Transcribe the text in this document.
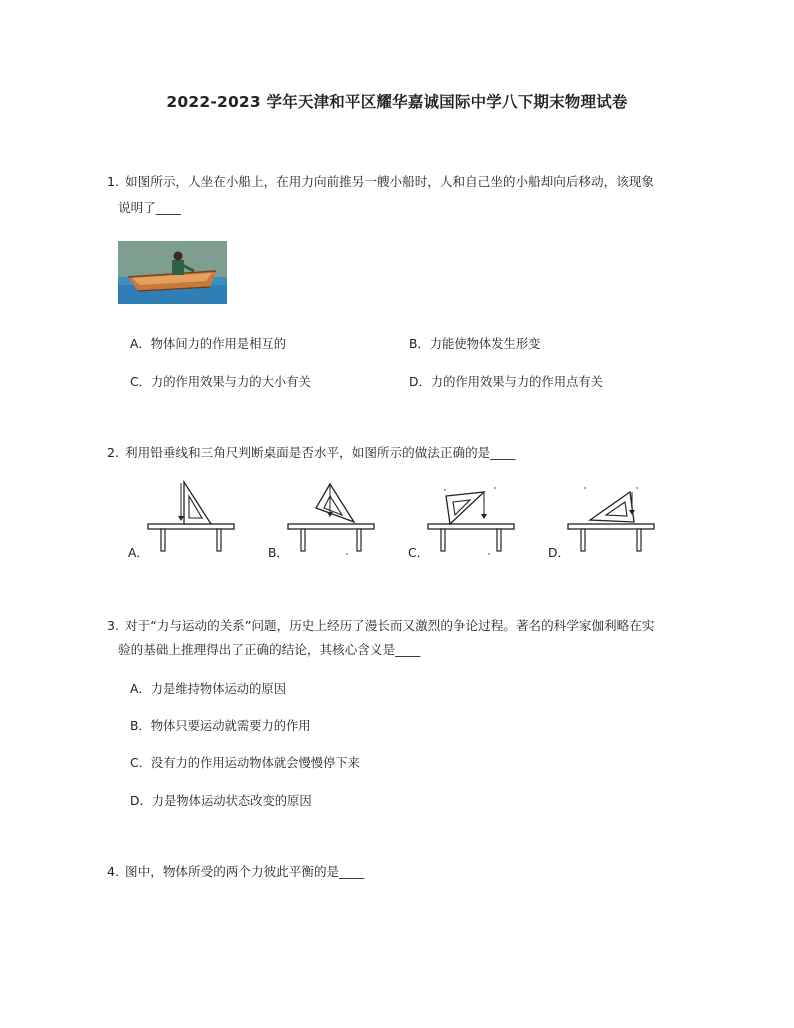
2022-2023 学年天津和平区耀华嘉诚国际中学八下期末物理试卷
1. 如图所示，人坐在小船上，在用力向前推另一艘小船时，人和自己坐的小船却向后移动，该现象
说明了____
A．物体间力的作用是相互的	B．力能使物体发生形变
C．力的作用效果与力的大小有关	D．力的作用效果与力的作用点有关
2. 利用铅垂线和三角尺判断桌面是否水平，如图所示的做法正确的是____
A．	B．	C．	D．
3. 对于“力与运动的关系”问题，历史上经历了漫长而又激烈的争论过程。著名的科学家伽利略在实
验的基础上推理得出了正确的结论，其核心含义是____
A．力是维持物体运动的原因
B．物体只要运动就需要力的作用
C．没有力的作用运动物体就会慢慢停下来
D．力是物体运动状态改变的原因
4. 图中，物体所受的两个力彼此平衡的是____
